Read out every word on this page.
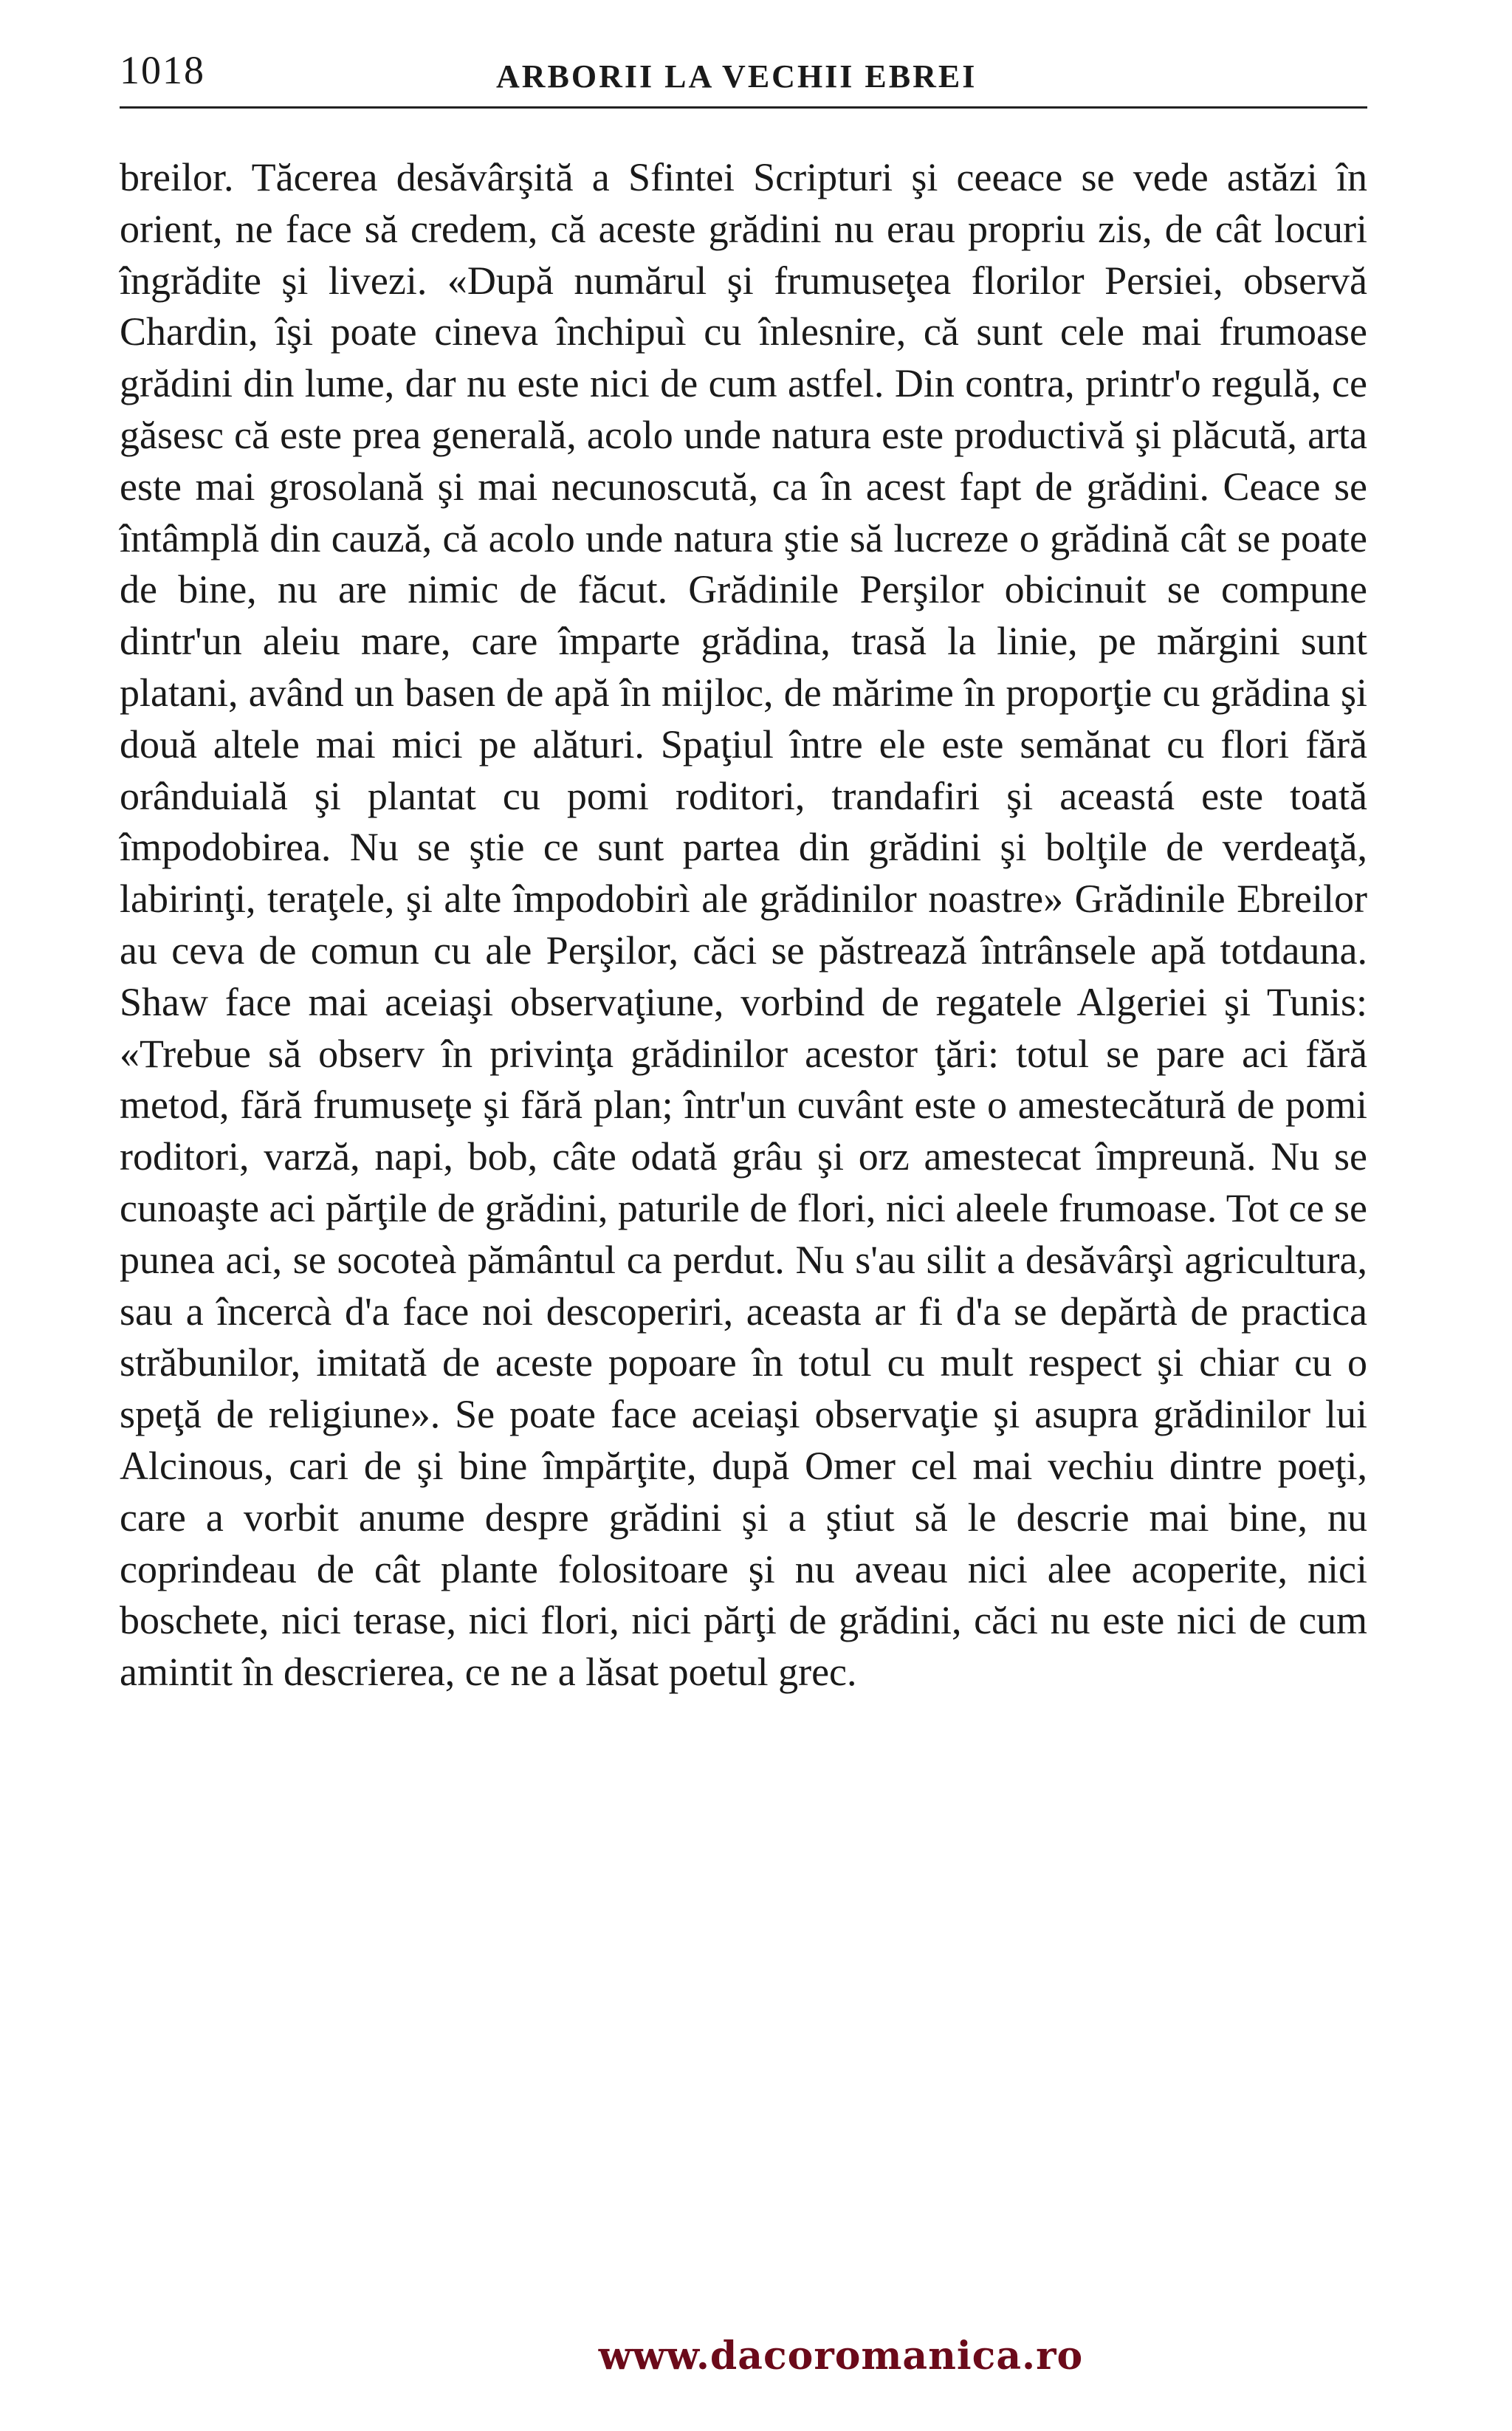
1018	ARBORII LA VECHII EBREI

breilor. Tăcerea desăvârşită a Sfintei Scripturi şi ceeace se vede astăzi în orient, ne face să credem, că aceste grădini nu erau propriu zis, de cât locuri îngrădite şi livezi. «După numărul şi frumuseţea florilor Persiei, observă Chardin, îşi poate cineva închipuì cu înlesnire, că sunt cele mai frumoase grădini din lume, dar nu este nici de cum astfel. Din contra, printr'o regulă, ce găsesc că este prea generală, acolo unde natura este productivă şi plăcută, arta este mai grosolană şi mai necunoscută, ca în acest fapt de grădini. Ceace se întâmplă din cauză, că acolo unde natura ştie să lucreze o grădină cât se poate de bine, nu are nimic de făcut. Grădinile Perşilor obicinuit se compune dintr'un aleiu mare, care împarte grădina, trasă la linie, pe mărgini sunt platani, având un basen de apă în mijloc, de mărime în proporţie cu grădina şi două altele mai mici pe alături. Spaţiul între ele este semănat cu flori fără orânduială şi plantat cu pomi roditori, trandafiri şi aceastá este toată împodobirea. Nu se ştie ce sunt partea din grădini şi bolţile de verdeaţă, labirinţi, teraţele, şi alte împodobirì ale grădinilor noastre» Grădinile Ebreilor au ceva de comun cu ale Perşilor, căci se păstrează întrânsele apă totdauna. Shaw face mai aceiaşi observaţiune, vorbind de regatele Algeriei şi Tunis: «Trebue să observ în privinţa grădinilor acestor ţări: totul se pare aci fără metod, fără frumuseţe şi fără plan; într'un cuvânt este o amestecătură de pomi roditori, varză, napi, bob, câte odată grâu şi orz amestecat împreună. Nu se cunoaşte aci părţile de grădini, paturile de flori, nici aleele frumoase. Tot ce se punea aci, se socoteà pământul ca perdut. Nu s'au silit a desăvârşì agricultura, sau a încercà d'a face noi descoperiri, aceasta ar fi d'a se depărtà de practica străbunilor, imitată de aceste popoare în totul cu mult respect şi chiar cu o speţă de religiune». Se poate face aceiaşi observaţie şi asupra grădinilor lui Alcinous, cari de şi bine împărţite, după Omer cel mai vechiu dintre poeţi, care a vorbit anume despre grădini şi a ştiut să le descrie mai bine, nu coprindeau de cât plante folositoare şi nu aveau nici alee acoperite, nici boschete, nici terase, nici flori, nici părţi de grădini, căci nu este nici de cum amintit în descrierea, ce ne a lăsat poetul grec.

www.dacoromanica.ro
